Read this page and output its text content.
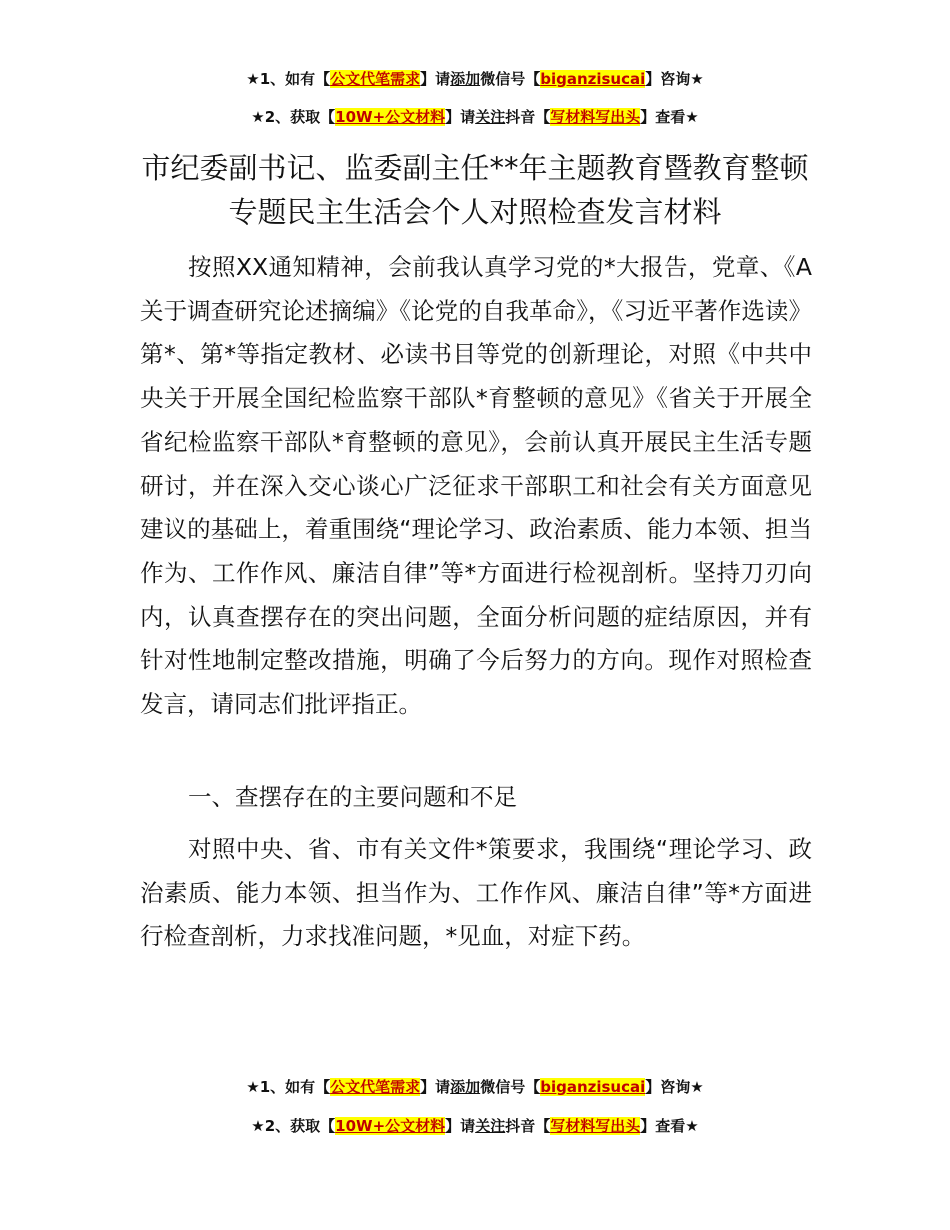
★1、如有【公文代笔需求】请添加微信号【biganzisucai】咨询★
★2、获取【10W+公文材料】请关注抖音【写材料写出头】查看★
市纪委副书记、监委副主任**年主题教育暨教育整顿专题民主生活会个人对照检查发言材料

按照XX通知精神，会前我认真学习党的*大报告，党章、《A关于调查研究论述摘编》《论党的自我革命》，《习近平著作选读》第*、第*等指定教材、必读书目等党的创新理论，对照《中共中央关于开展全国纪检监察干部队*育整顿的意见》《省关于开展全省纪检监察干部队*育整顿的意见》，会前认真开展民主生活专题研讨，并在深入交心谈心广泛征求干部职工和社会有关方面意见建议的基础上，着重围绕“理论学习、政治素质、能力本领、担当作为、工作作风、廉洁自律”等*方面进行检视剖析。坚持刀刃向内，认真查摆存在的突出问题，全面分析问题的症结原因，并有针对性地制定整改措施，明确了今后努力的方向。现作对照检查发言，请同志们批评指正。

一、查摆存在的主要问题和不足

对照中央、省、市有关文件*策要求，我围绕“理论学习、政治素质、能力本领、担当作为、工作作风、廉洁自律”等*方面进行检查剖析，力求找准问题，*见血，对症下药。

★1、如有【公文代笔需求】请添加微信号【biganzisucai】咨询★
★2、获取【10W+公文材料】请关注抖音【写材料写出头】查看★
